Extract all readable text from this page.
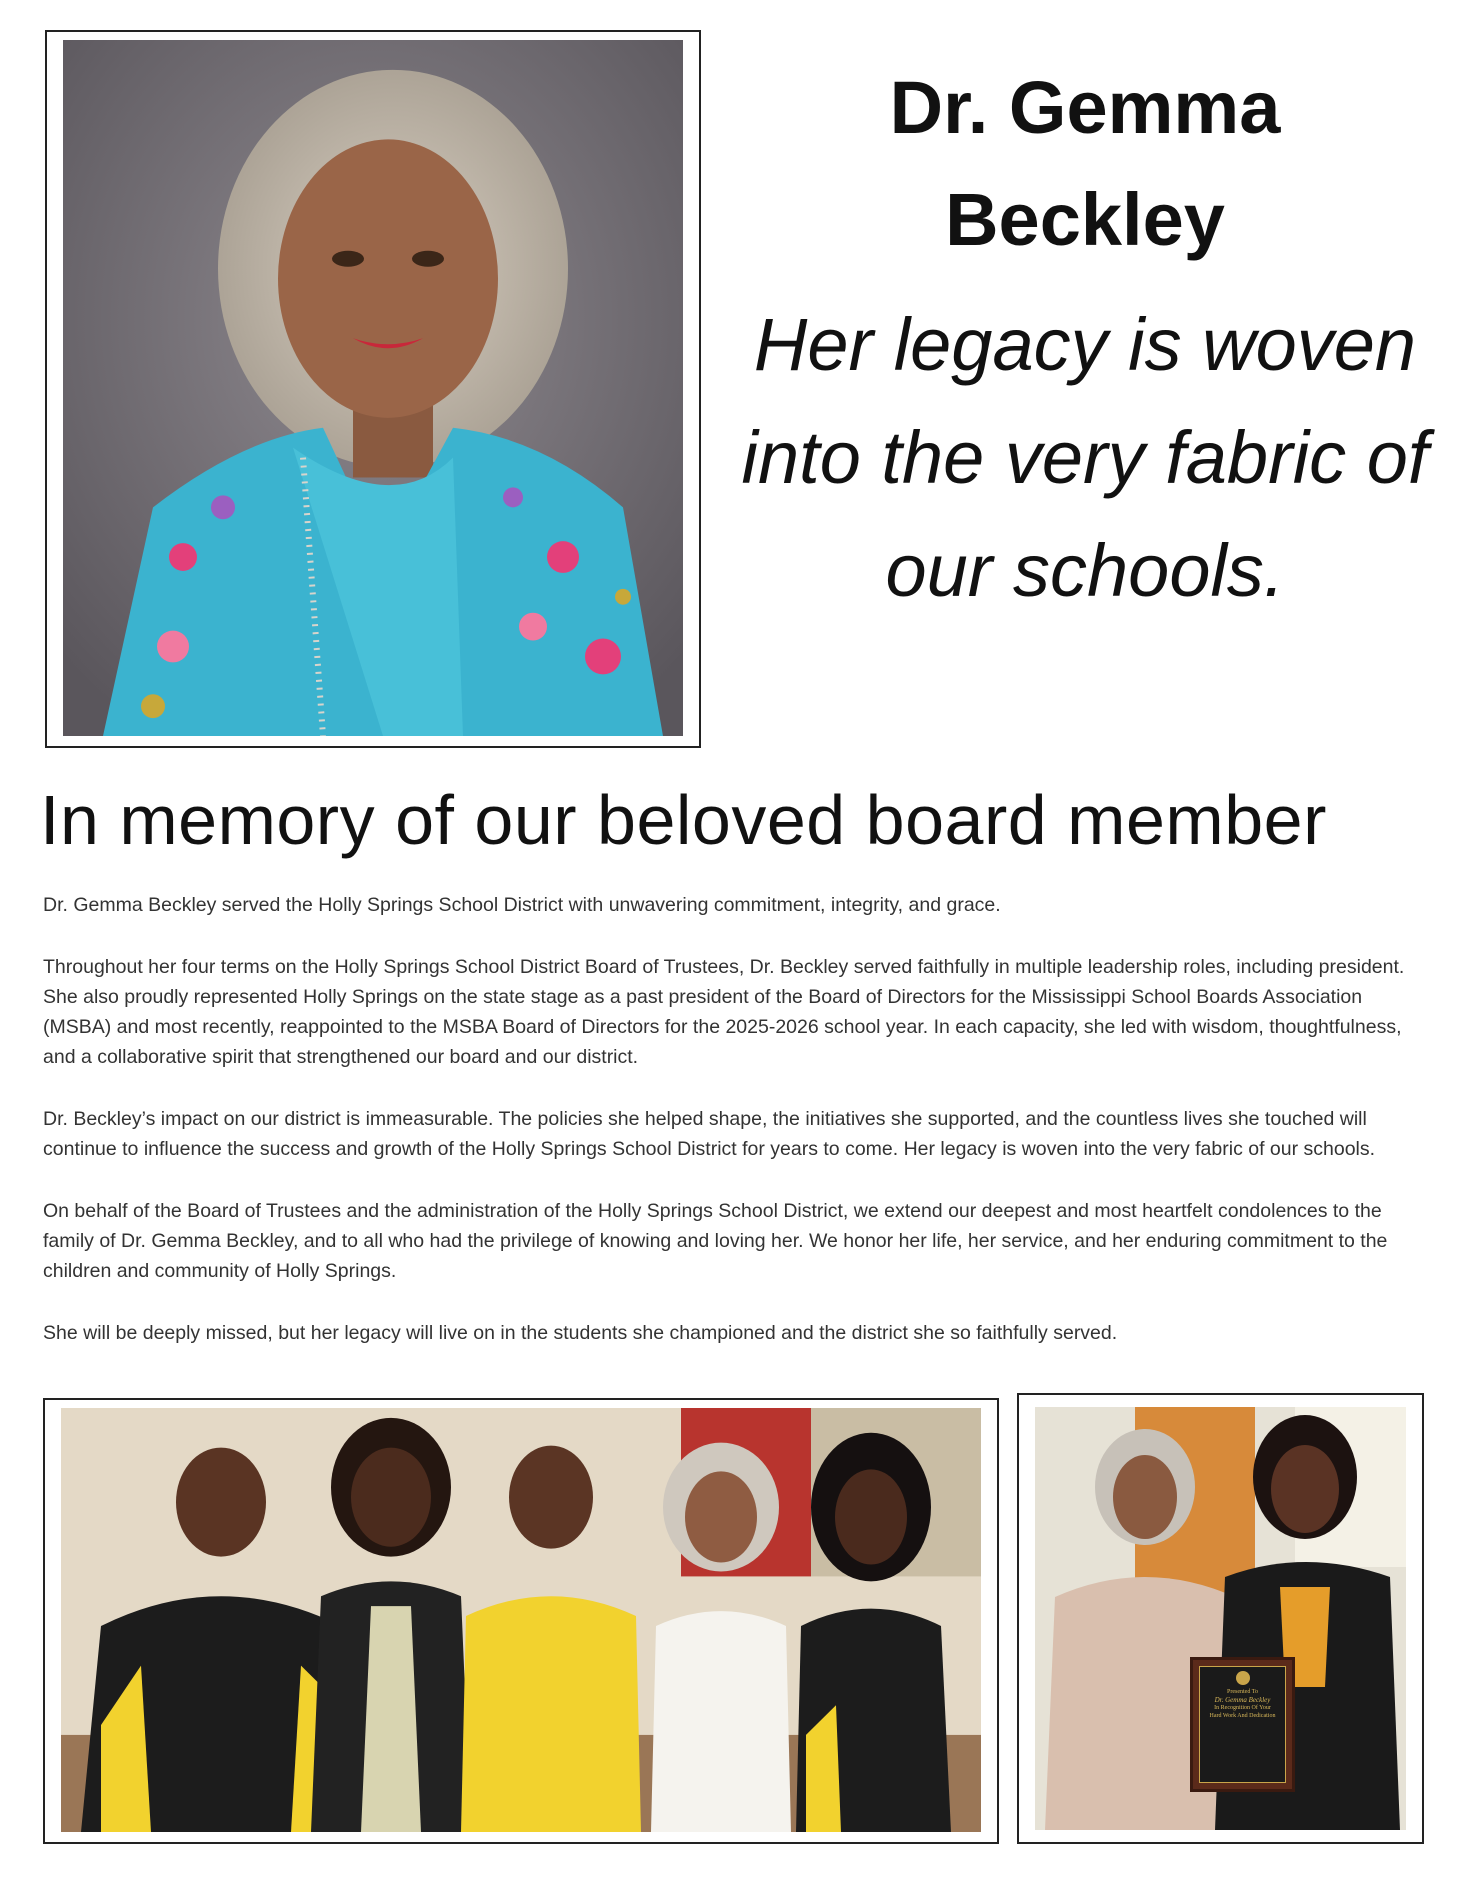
Dr. Gemma Beckley
Her legacy is woven into the very fabric of our schools.
In memory of our beloved board member

Dr. Gemma Beckley served the Holly Springs School District with unwavering commitment, integrity, and grace.

Throughout her four terms on the Holly Springs School District Board of Trustees, Dr. Beckley served faithfully in multiple leadership roles, including president. She also proudly represented Holly Springs on the state stage as a past president of the Board of Directors for the Mississippi School Boards Association (MSBA) and most recently, reappointed to the MSBA Board of Directors for the 2025-2026 school year. In each capacity, she led with wisdom, thoughtfulness, and a collaborative spirit that strengthened our board and our district.

Dr. Beckley’s impact on our district is immeasurable. The policies she helped shape, the initiatives she supported, and the countless lives she touched will continue to influence the success and growth of the Holly Springs School District for years to come. Her legacy is woven into the very fabric of our schools.

On behalf of the Board of Trustees and the administration of the Holly Springs School District, we extend our deepest and most heartfelt condolences to the family of Dr. Gemma Beckley, and to all who had the privilege of knowing and loving her. We honor her life, her service, and her enduring commitment to the children and community of Holly Springs.

She will be deeply missed, but her legacy will live on in the students she championed and the district she so faithfully served.

Presented To
Dr. Gemma Beckley
In Recognition Of Your
Hard Work And Dedication
